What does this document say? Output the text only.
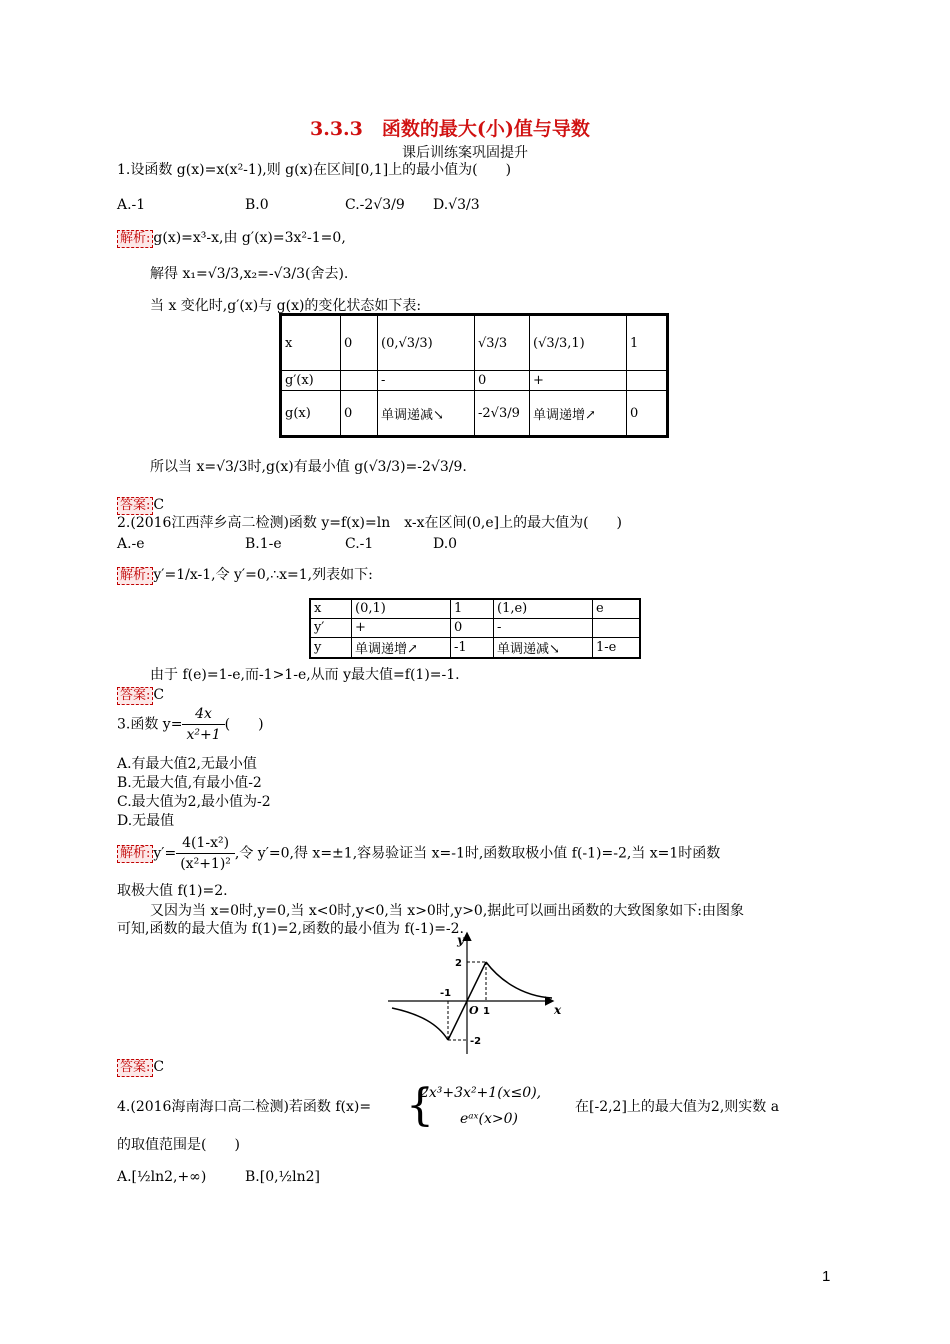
3.3.3　函数的最大(小)值与导数
课后训练案巩固提升
1.设函数 g(x)=x(x²-1),则 g(x)在区间[0,1]上的最小值为(　　)
A.-1	B.0	C.-2√3/9 D.√3/3
解析: g(x)=x³-x,由 g′(x)=3x²-1=0,
解得 x₁=√3/3,x₂=-√3/3(舍去).
当 x 变化时,g′(x)与 g(x)的变化状态如下表:
x	0	(0,√3/3)	√3/3	(√3/3,1)	1
g′(x)		-	0	+	
g(x)	0	单调递减↘	-2√3/9	单调递增↗	0
所以当 x=√3/3时,g(x)有最小值 g(√3/3)=-2√3/9.
答案: C
2.(2016江西萍乡高二检测)函数 y=f(x)=ln　x-x在区间(0,e]上的最大值为(　　)
A.-e	B.1-e	C.-1	D.0
解析: y′=1/x-1,令 y′=0,∴x=1,列表如下:
x	(0,1)	1	(1,e)	e
y′	+	0	-	
y	单调递增↗	-1	单调递减↘	1-e
由于 f(e)=1-e,而-1>1-e,从而 y最大值=f(1)=-1.
答案: C
3.函数 $y= \frac{4x}{\text{x²+1}}$ (　　)
A.有最大值2,无最小值
B.无最大值,有最小值-2
C.最大值为2,最小值为-2
D.无最值
解析: $y'= \frac{\text{4(1-x²)}}{\text{(x²+1)²}}$ ,令 y′=0,得 x=±1,容易验证当 x=-1时,函数取极小值 f(-1)=-2,当 x=1时函数
取极大值 f(1)=2.
又因为当 x=0时,y=0,当 x<0时,y<0,当 x>0时,y>0,据此可以画出函数的大致图象如下:由图象
可知,函数的最大值为 f(1)=2,函数的最小值为 f(-1)=-2.
y
x
O
2
-1
1
-2
答案: C
4.(2016海南海口高二检测)若函数 f(x)= {
2x³+3x²+1(x≤0),
eᵃˣ(x>0)
在[-2,2]上的最大值为2,则实数 a
的取值范围是(　　)
A.[½ln2,+∞)	B.[0,½ln2]
1
